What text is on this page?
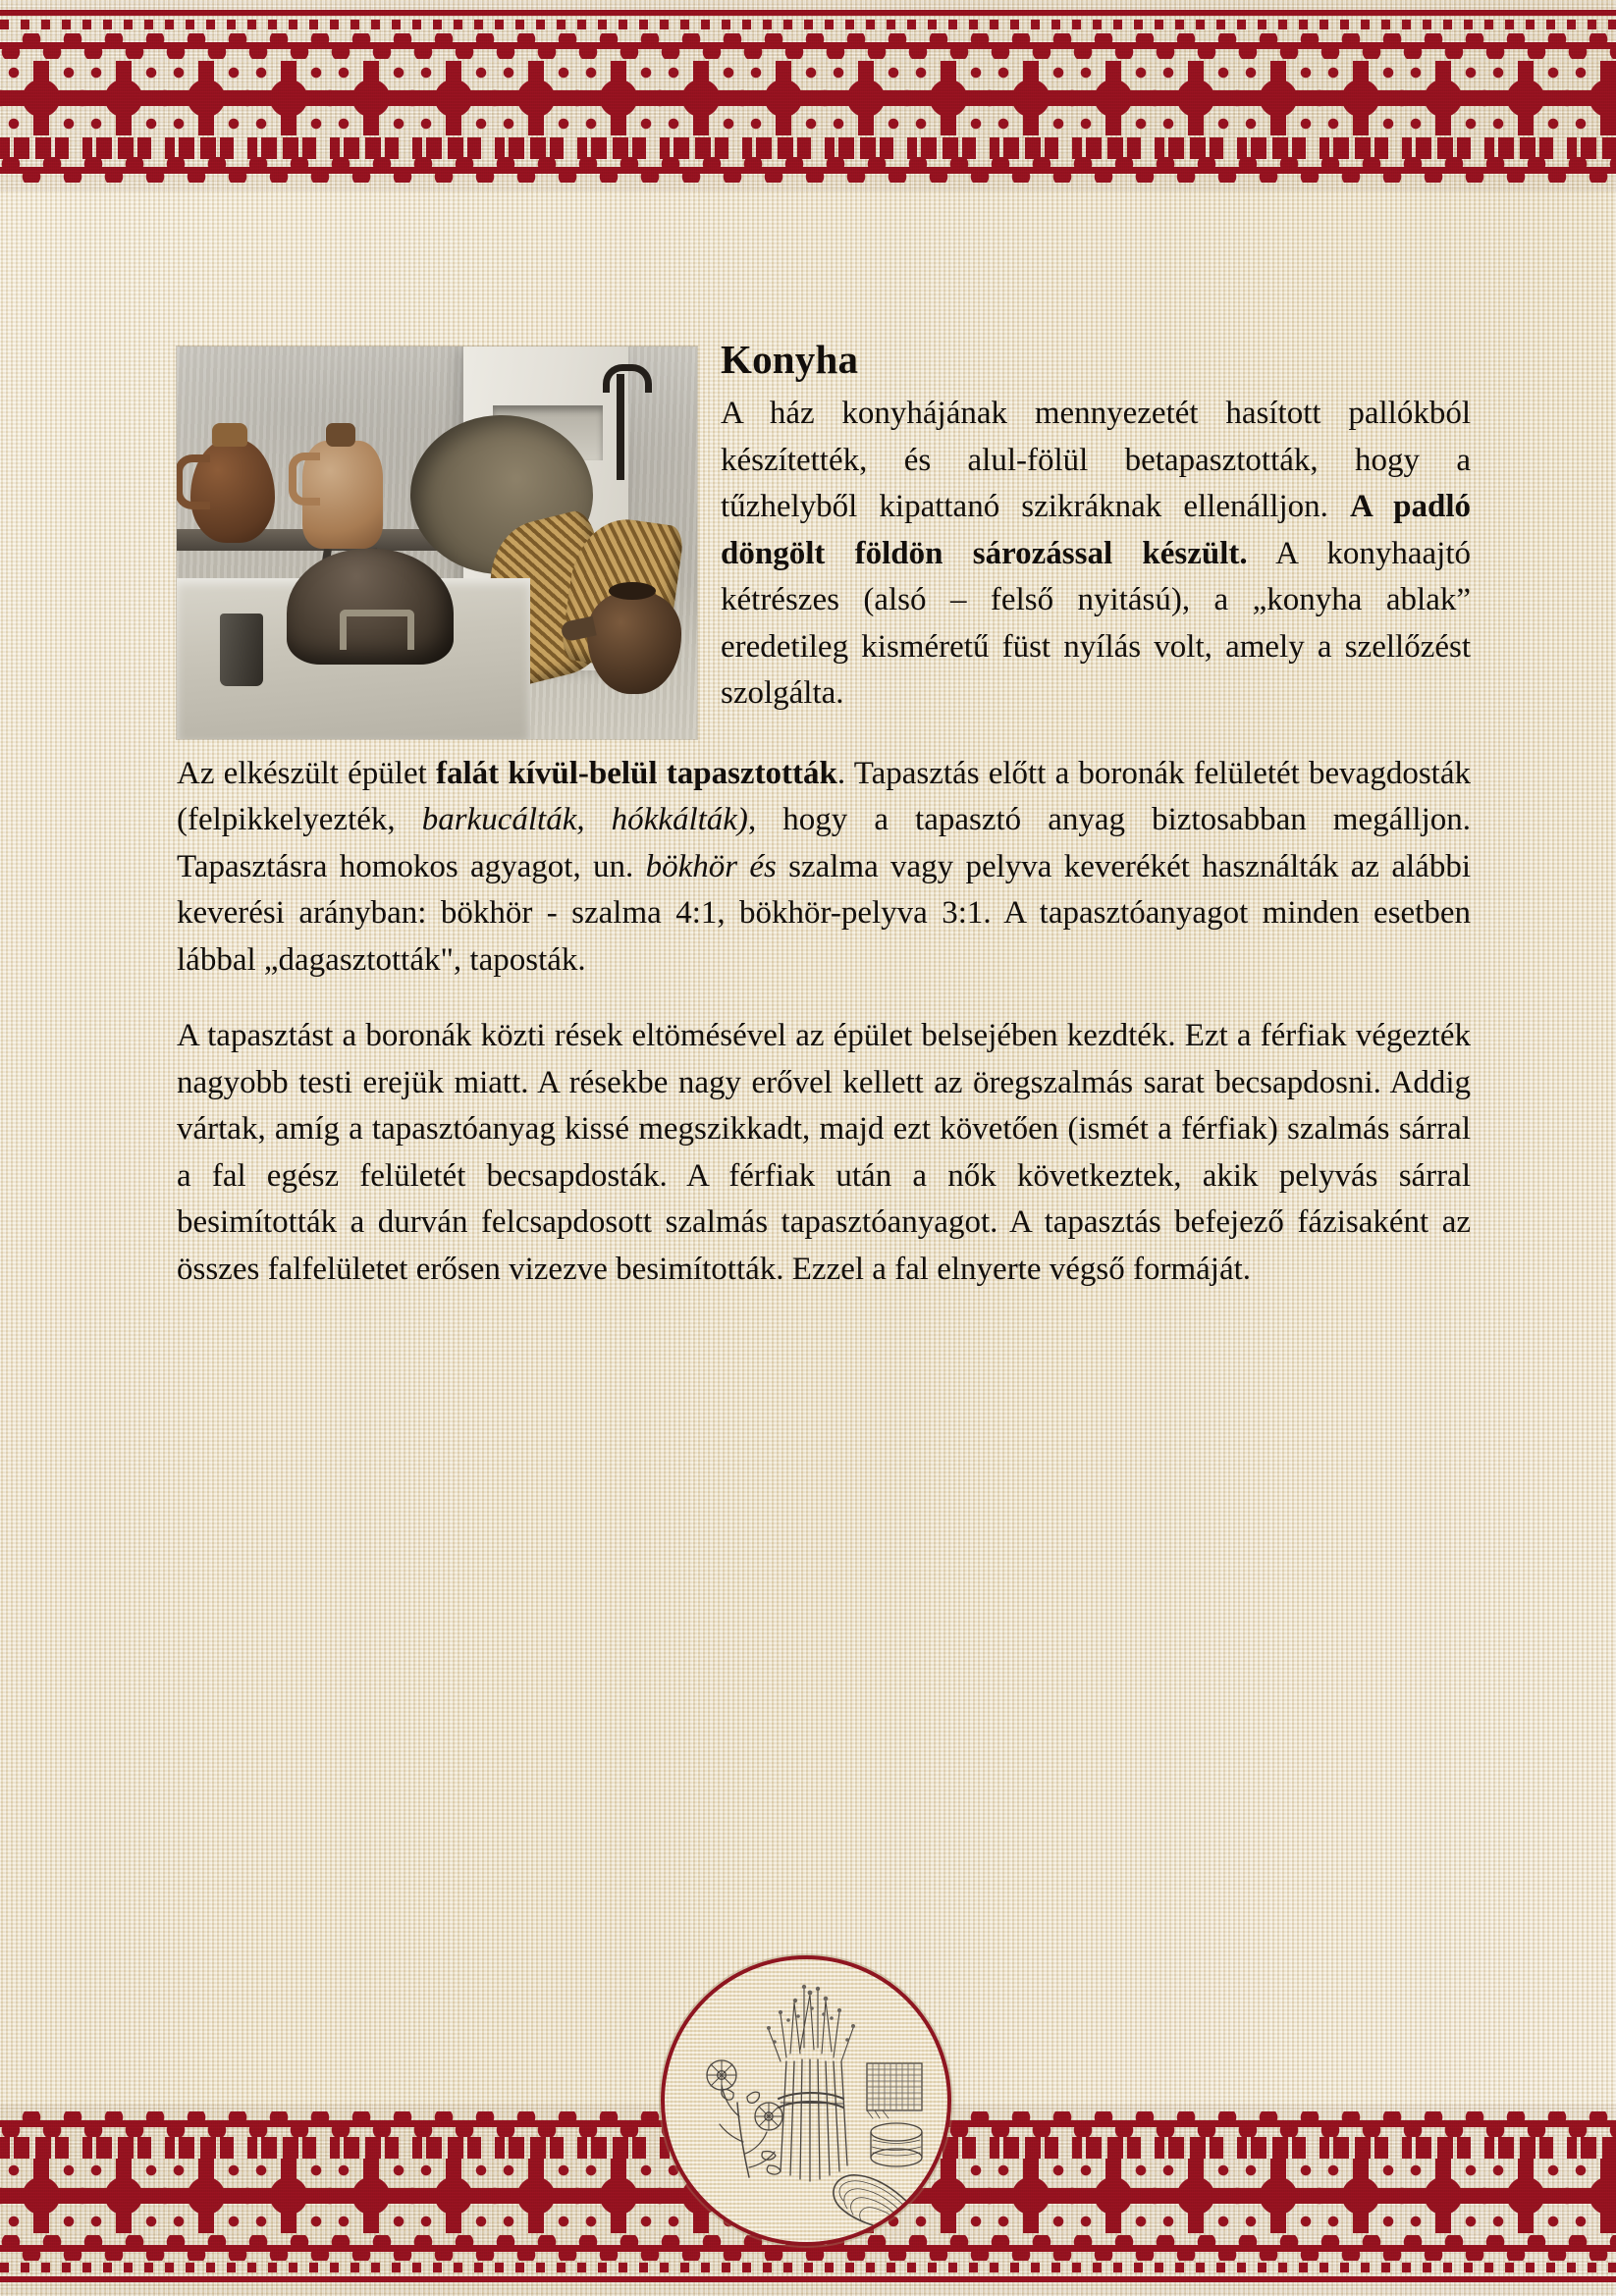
Konyha

A ház konyhájának mennyezetét hasított pallókból készítették, és alul-fölül betapasztották, hogy a tűzhelyből kipattanó szikráknak ellenálljon. A padló döngölt földön sározással készült. A konyhaajtó kétrészes (alsó – felső nyitású), a „konyha ablak” eredetileg kisméretű füst nyílás volt, amely a szellőzést szolgálta.

Az elkészült épület falát kívül-belül tapasztották. Tapasztás előtt a boronák felületét bevagdosták (felpikkelyezték, barkucálták, hókkálták), hogy a tapasztó anyag biztosabban megálljon. Tapasztásra homokos agyagot, un. bökhör és szalma vagy pelyva keverékét használták az alábbi keverési arányban: bökhör - szalma 4:1, bökhör-pelyva 3:1. A tapasztóanyagot minden esetben lábbal „dagasztották", taposták.

A tapasztást a boronák közti rések eltömésével az épület belsejében kezdték. Ezt a férfiak végezték nagyobb testi erejük miatt. A résekbe nagy erővel kellett az öregszalmás sarat becsapdosni. Addig vártak, amíg a tapasztóanyag kissé megszikkadt, majd ezt követően (ismét a férfiak) szalmás sárral a fal egész felületét becsapdosták. A férfiak után a nők következtek, akik pelyvás sárral besimították a durván felcsapdosott szalmás tapasztóanyagot. A tapasztás befejező fázisaként az összes falfelületet erősen vizezve besimították. Ezzel a fal elnyerte végső formáját.
